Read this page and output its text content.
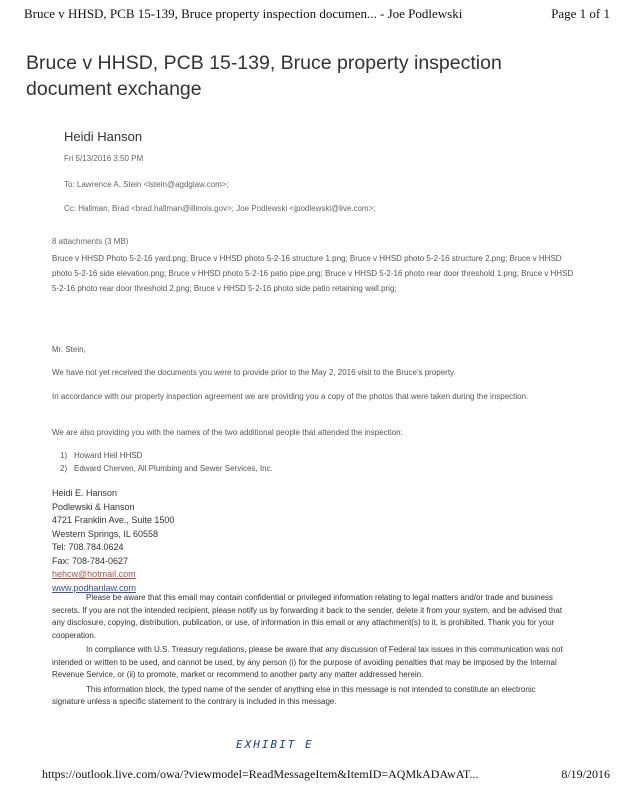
Bruce v HHSD, PCB 15-139, Bruce property inspection documen... - Joe Podlewski	Page 1 of 1
Bruce v HHSD, PCB 15-139, Bruce property inspection document exchange
Heidi Hanson
Fri 5/13/2016 3:50 PM
To: Lawrence A. Stein <lstein@agdglaw.com>;
Cc: Hallman, Brad <brad.hallman@illinois.gov>; Joe Podlewski <jpodlewski@live.com>;
8 attachments (3 MB)
Bruce v HHSD Photo 5-2-16 yard.png; Bruce v HHSD photo 5-2-16 structure 1.png; Bruce v HHSD photo 5-2-16 structure 2.png; Bruce v HHSD photo 5-2-16 side elevation.png; Bruce v HHSD photo 5-2-16 patio pipe.png; Bruce v HHSD 5-2-16 photo rear door threshold 1.png; Bruce v HHSD 5-2-16 photo rear door threshold 2.png; Bruce v HHSD 5-2-16 photo side patio retaining wall.png;
Mr. Stein,
We have not yet received the documents you were to provide prior to the May 2, 2016 visit to the Bruce's property.
In accordance with our property inspection agreement we are providing you a copy of the photos that were taken during the inspection.
We are also providing you with the names of the two additional people that attended the inspection:
1) Howard Heil HHSD
2) Edward Cherven, All Plumbing and Sewer Services, Inc.
Heidi E. Hanson
Podlewski & Hanson
4721 Franklin Ave., Suite 1500
Western Springs, IL 60558
Tel: 708.784.0624
Fax: 708-784-0627
hehcw@hotmail.com
www.podhanlaw.com

Please be aware that this email may contain confidential or privileged information relating to legal matters and/or trade and business secrets. If you are not the intended recipient, please notify us by forwarding it back to the sender, delete it from your system, and be advised that any disclosure, copying, distribution, publication, or use, of information in this email or any attachment(s) to it, is prohibited. Thank you for your cooperation.

In compliance with U.S. Treasury regulations, please be aware that any discussion of Federal tax issues in this communication was not intended or written to be used, and cannot be used, by any person (i) for the purpose of avoiding penalties that may be imposed by the Internal Revenue Service, or (ii) to promote, market or recommend to another party any matter addressed herein.

This information block, the typed name of the sender of anything else in this message is not intended to constitute an electronic signature unless a specific statement to the contrary is included in this message.

EXHIBIT E
https://outlook.live.com/owa/?viewmodel=ReadMessageItem&ItemID=AQMkADAwAT...	8/19/2016
